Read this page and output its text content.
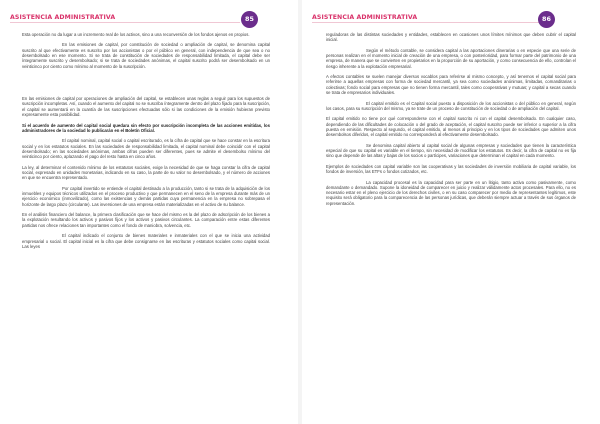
ASISTENCIA ADMINISTRATIVA	85

Esta operación no da lugar a un incremento real de los activos, sino a una reconversión de los fondos ajenos en propios.

En las emisiones de capital, por constitución de sociedad o ampliación de capital, se denomina capital suscrito al que efectivamente es suscrito por los accionistas o por el público en general, con independencia de que sea o no desembolsado en ese momento. Si se trata de constitución de sociedades de responsabilidad limitada, el capital debe ser íntegramente suscrito y desembolsado; si se trata de sociedades anónimas, el capital suscrito podrá ser desembolsado en un veinticinco por ciento como mínimo al momento de la suscripción.

En las emisiones de capital por operaciones de ampliación del capital, se establecen unas reglas a seguir para los supuestos de suscripción incompletas. Así, cuando el aumento del capital no se suscriba íntegramente dentro del plazo fijado para la suscripción, el capital se aumentará en la cuantía de las suscripciones efectuadas sólo si las condiciones de la emisión hubieran previsto expresamente esta posibilidad.

Si el acuerdo de aumento del capital social quedara sin efecto por suscripción incompleta de las acciones emitidas, los administradores de la sociedad lo publicarán en el Boletín Oficial.

El capital nominal, capital social o capital escriturado, es la cifra de capital que se hace constar en la escritura social y en los estatutos sociales. En las sociedades de responsabilidad limitada, el capital nominal debe coincidir con el capital desembolsado; en las sociedades anónimas, ambas cifras pueden ser diferentes, pues se admite el desembolso mínimo del veinticinco por ciento, aplazando el pago del resto hasta en cinco años.

La ley, al determinar el contenido mínimo de los estatutos sociales, exige la necesidad de que se haga constar la cifra de capital social, expresado en unidades monetarias, indicando en su caso, la parte de su valor no desembolsado, y el número de acciones en que se encuentra representado.

Por capital invertido se entiende el capital destinado a la producción, tanto si se trata de la adquisición de los inmuebles y equipos técnicos utilizados en el proceso productivo y que permanecen en el seno de la empresa durante más de un ejercicio económico (inmovilizado), como las existencias y demás partidas cuya permanencia en la empresa no sobrepasa el horizonte de largo plazo (circulante). Las inversiones de una empresa están materializadas en el activo de su balance.

En el análisis financiero del balance, la primera clasificación que se hace del mismo es la del plazo de adscripción de los bienes a la explotación resultando los activos y pasivos fijos y los activos y pasivos circulantes. La comparación entre estas diferentes partidas nos ofrece relaciones tan importantes como el fondo de maniobra, solvencia, etc.

El capital indicado el conjunto de bienes materiales e inmateriales con el que se inicia una actividad empresarial o social. El capital inicial es la cifra que debe consignarse en las escrituras y estatutos sociales como capital social. Las leyes

ASISTENCIA ADMINISTRATIVA	86

reguladoras de las distintas sociedades y entidades, establecen en ocasiones unos límites mínimos que deben cubrir el capital inicial.

Según el método contable, se considera capital a las aportaciones dinerarias o en especie que una serie de personas realizan en el momento inicial de creación de una empresa, o con posterioridad, para formar parte del patrimonio de una empresa, de manera que se convierten en propietarios en la proporción de su aportación, y como consecuencia de ello, controlan el riesgo inherente a la explotación empresarial.

A efectos contables se suelen manejar diversos vocablos para referirse al mismo concepto, y así tenemos el capital social para referirse a aquellas empresas con forma de sociedad mercantil, ya sea como sociedades anónimas, limitadas, comanditarias o colectivas; fondo social para empresas que no tienen forma mercantil, tales como cooperativas y mutuas; y capital a secas cuando se trata de empresarios individuales.

El capital emitido es el Capital social puesto a disposición de los accionistas o del público en general, según los casos, para su suscripción del mismo, ya se trate de un proceso de constitución de sociedad o de ampliación del capital.

El capital emitido no tiene por qué corresponderse con el capital suscrito ni con el capital desembolsado. En cualquier caso, dependiendo de las dificultades de colocación o del grado de aceptación, el capital suscrito puede ser inferior o superior a la cifra puesta en emisión. Respecto al segundo, el capital emitido, al menos al principio y en los tipos de sociedades que admiten unos desembolsos diferidos, el capital emitido no corresponderá al efectivamente desembolsado.

Se denomina capital abierto al capital social de algunas empresas y sociedades que tienen la característica especial de que su capital es variable en el tiempo, sin necesidad de modificar los estatutos. Es decir, la cifra de capital no es fija sino que depende de las altas y bajas de los socios o partícipes, variaciones que determinan el capital en cada momento.

Ejemplos de sociedades con capital variable son las cooperativas y las sociedades de inversión mobiliaria de capital variable, los fondos de inversión, las ETFs o fondos cotizados, etc.

La capacidad procesal es la capacidad para ser parte en un litigio, tanto activa como pasivamente, como demandante o demandado. Supone la idoneidad de comparecer en juicio y realizar válidamente actos procesales. Para ello, no es necesario estar en el pleno ejercicio de los derechos civiles, o en su caso comparecer por medio de representantes legítimos, este requisito será obligatorio para la comparecencia de las personas jurídicas, que deberán siempre actuar a través de sus órganos de representación.
